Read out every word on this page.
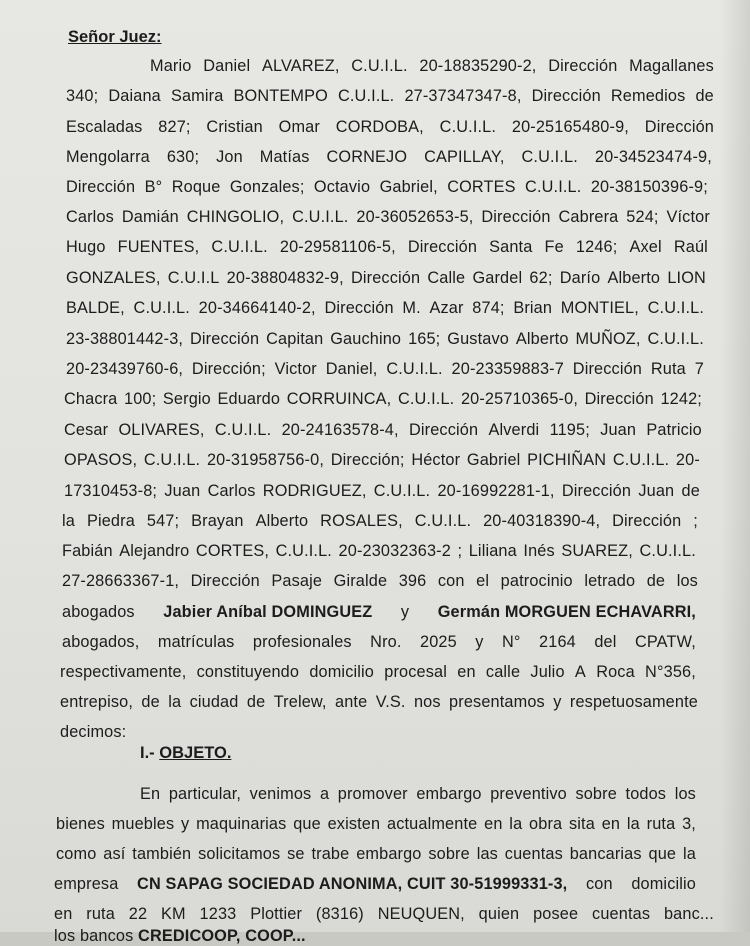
Señor Juez:

Mario Daniel ALVAREZ, C.U.I.L. 20-18835290-2, Dirección Magallanes
340; Daiana Samira BONTEMPO C.U.I.L. 27-37347347-8, Dirección Remedios de
Escaladas 827; Cristian Omar CORDOBA, C.U.I.L. 20-25165480-9, Dirección
Mengolarra 630; Jon Matías CORNEJO CAPILLAY, C.U.I.L. 20-34523474-9,
Dirección B° Roque Gonzales; Octavio Gabriel, CORTES C.U.I.L. 20-38150396-9;
Carlos Damián CHINGOLIO, C.U.I.L. 20-36052653-5, Dirección Cabrera 524; Víctor
Hugo FUENTES, C.U.I.L. 20-29581106-5, Dirección Santa Fe 1246; Axel Raúl
GONZALES, C.U.I.L 20-38804832-9, Dirección Calle Gardel 62; Darío Alberto LION
BALDE, C.U.I.L. 20-34664140-2, Dirección M. Azar 874; Brian MONTIEL, C.U.I.L.
23-38801442-3, Dirección Capitan Gauchino 165; Gustavo Alberto MUÑOZ, C.U.I.L.
20-23439760-6, Dirección; Victor Daniel, C.U.I.L. 20-23359883-7 Dirección Ruta 7
Chacra 100; Sergio Eduardo CORRUINCA, C.U.I.L. 20-25710365-0, Dirección 1242;
Cesar OLIVARES, C.U.I.L. 20-24163578-4, Dirección Alverdi 1195; Juan Patricio
OPASOS, C.U.I.L. 20-31958756-0, Dirección; Héctor Gabriel PICHIÑAN C.U.I.L. 20-
17310453-8; Juan Carlos RODRIGUEZ, C.U.I.L. 20-16992281-1, Dirección Juan de
la Piedra 547; Brayan Alberto ROSALES, C.U.I.L. 20-40318390-4, Dirección ;
Fabián Alejandro CORTES, C.U.I.L. 20-23032363-2 ; Liliana Inés SUAREZ, C.U.I.L.
27-28663367-1, Dirección Pasaje Giralde 396 con el patrocinio letrado de los
abogados Jabier Aníbal DOMINGUEZ y Germán MORGUEN ECHAVARRI,
abogados, matrículas profesionales Nro. 2025 y N° 2164 del CPATW,
respectivamente, constituyendo domicilio procesal en calle Julio A Roca N°356,
entrepiso, de la ciudad de Trelew, ante V.S. nos presentamos y respetuosamente
decimos:

I.- OBJETO.

En particular, venimos a promover embargo preventivo sobre todos los
bienes muebles y maquinarias que existen actualmente en la obra sita en la ruta 3,
como así también solicitamos se trabe embargo sobre las cuentas bancarias que la
empresa CN SAPAG SOCIEDAD ANONIMA, CUIT 30-51999331-3, con domicilio
en ruta 22 KM 1233 Plottier (8316) NEUQUEN, quien posee cuentas banc...
los bancos CREDICOOP, COOP...
